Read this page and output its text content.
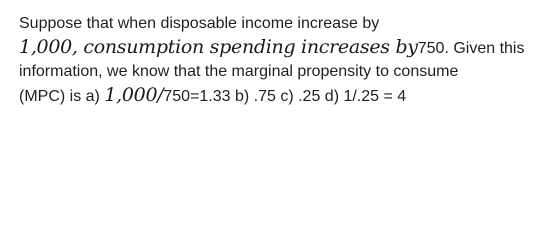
Suppose that when disposable income increase by
1,000, consumption spending increases by750. Given this
information, we know that the marginal propensity to consume
(MPC) is a) 1,000/750=1.33 b) .75 c) .25 d) 1/.25 = 4
